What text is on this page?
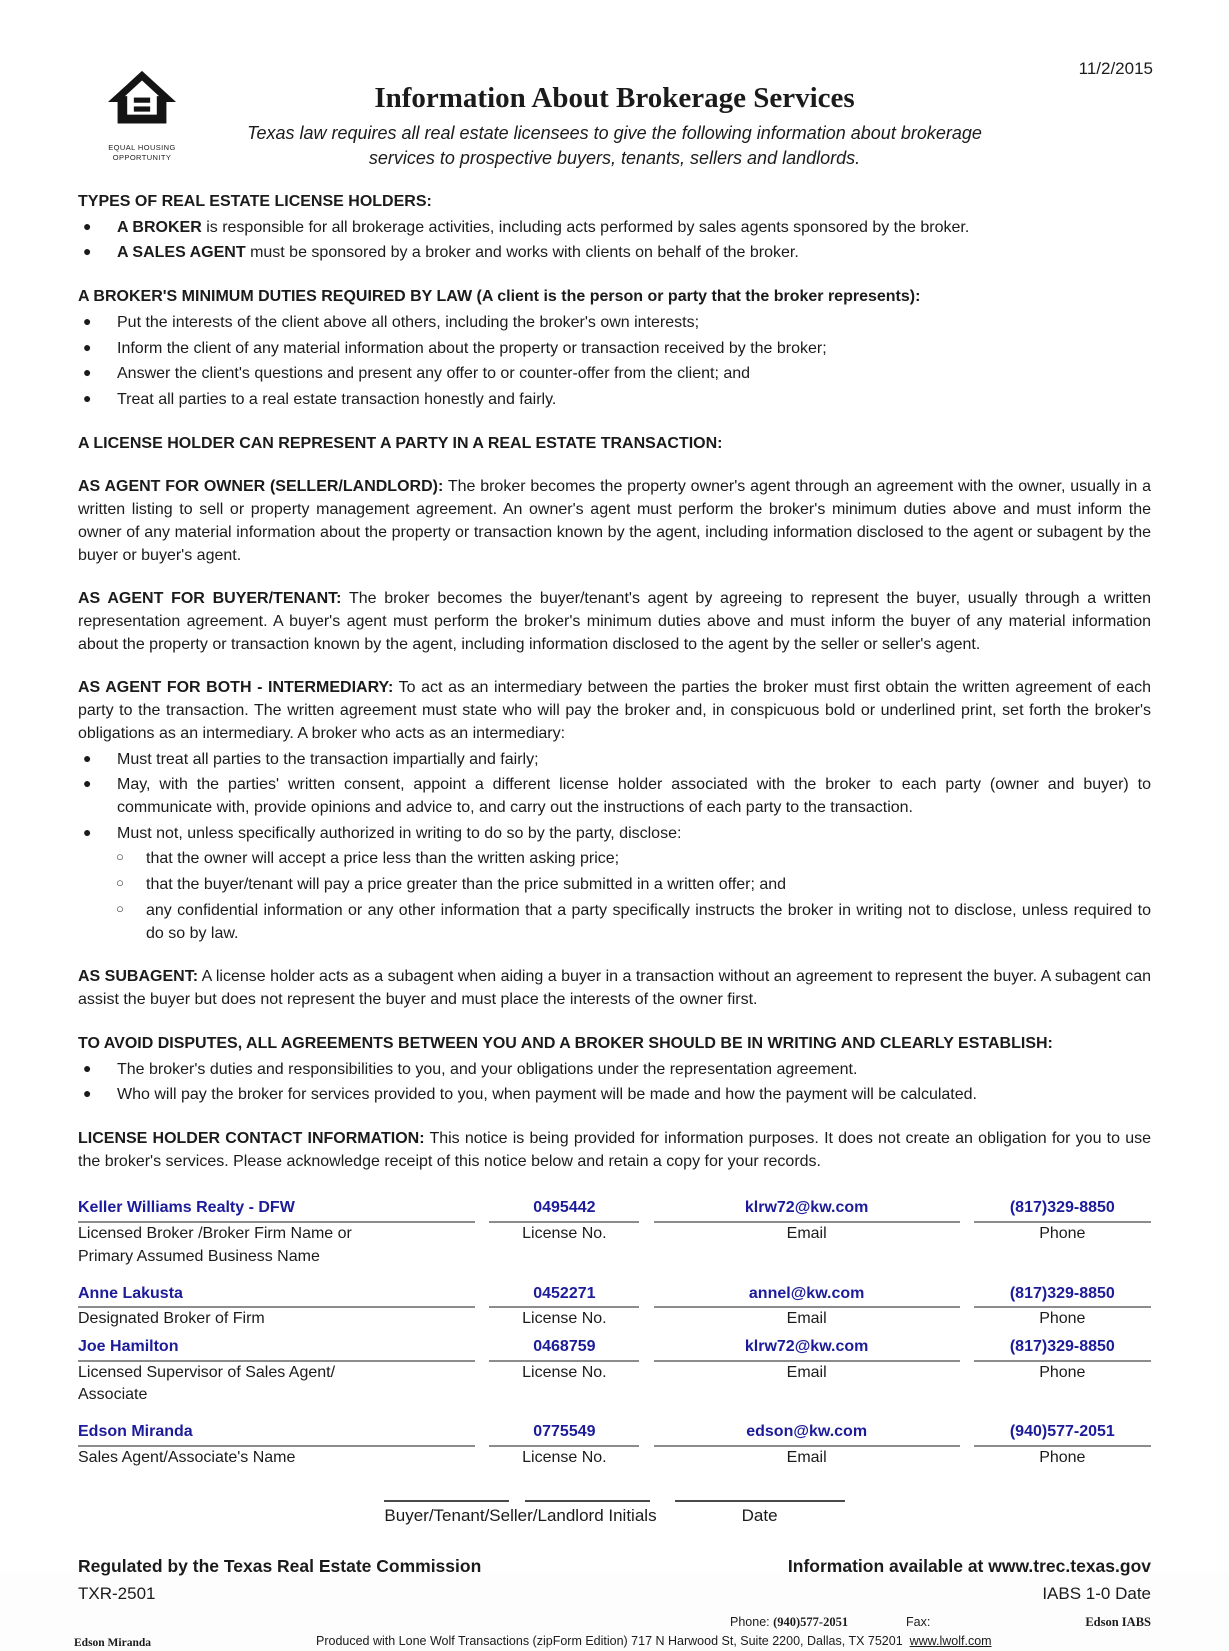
11/2/2015
EQUAL HOUSING
OPPORTUNITY
Information About Brokerage Services
Texas law requires all real estate licensees to give the following information about brokerage services to prospective buyers, tenants, sellers and landlords.
TYPES OF REAL ESTATE LICENSE HOLDERS:
●	A BROKER is responsible for all brokerage activities, including acts performed by sales agents sponsored by the broker.
●	A SALES AGENT must be sponsored by a broker and works with clients on behalf of the broker.
A BROKER'S MINIMUM DUTIES REQUIRED BY LAW (A client is the person or party that the broker represents):
●	Put the interests of the client above all others, including the broker's own interests;
●	Inform the client of any material information about the property or transaction received by the broker;
●	Answer the client's questions and present any offer to or counter-offer from the client; and
●	Treat all parties to a real estate transaction honestly and fairly.
A LICENSE HOLDER CAN REPRESENT A PARTY IN A REAL ESTATE TRANSACTION:
AS AGENT FOR OWNER (SELLER/LANDLORD): The broker becomes the property owner's agent through an agreement with the owner, usually in a written listing to sell or property management agreement. An owner's agent must perform the broker's minimum duties above and must inform the owner of any material information about the property or transaction known by the agent, including information disclosed to the agent or subagent by the buyer or buyer's agent.
AS AGENT FOR BUYER/TENANT: The broker becomes the buyer/tenant's agent by agreeing to represent the buyer, usually through a written representation agreement. A buyer's agent must perform the broker's minimum duties above and must inform the buyer of any material information about the property or transaction known by the agent, including information disclosed to the agent by the seller or seller's agent.
AS AGENT FOR BOTH - INTERMEDIARY: To act as an intermediary between the parties the broker must first obtain the written agreement of each party to the transaction. The written agreement must state who will pay the broker and, in conspicuous bold or underlined print, set forth the broker's obligations as an intermediary. A broker who acts as an intermediary:
●	Must treat all parties to the transaction impartially and fairly;
●	May, with the parties' written consent, appoint a different license holder associated with the broker to each party (owner and buyer) to communicate with, provide opinions and advice to, and carry out the instructions of each party to the transaction.
●	Must not, unless specifically authorized in writing to do so by the party, disclose:
○	that the owner will accept a price less than the written asking price;
○	that the buyer/tenant will pay a price greater than the price submitted in a written offer; and
○	any confidential information or any other information that a party specifically instructs the broker in writing not to disclose, unless required to do so by law.
AS SUBAGENT: A license holder acts as a subagent when aiding a buyer in a transaction without an agreement to represent the buyer. A subagent can assist the buyer but does not represent the buyer and must place the interests of the owner first.
TO AVOID DISPUTES, ALL AGREEMENTS BETWEEN YOU AND A BROKER SHOULD BE IN WRITING AND CLEARLY ESTABLISH:
●	The broker's duties and responsibilities to you, and your obligations under the representation agreement.
●	Who will pay the broker for services provided to you, when payment will be made and how the payment will be calculated.
LICENSE HOLDER CONTACT INFORMATION: This notice is being provided for information purposes. It does not create an obligation for you to use the broker's services. Please acknowledge receipt of this notice below and retain a copy for your records.
Keller Williams Realty - DFW	0495442	klrw72@kw.com	(817)329-8850
Licensed Broker /Broker Firm Name or Primary Assumed Business Name
License No.	Email	Phone
Anne Lakusta	0452271	annel@kw.com	(817)329-8850
Designated Broker of Firm	License No.	Email	Phone
Joe Hamilton	0468759	klrw72@kw.com	(817)329-8850
Licensed Supervisor of Sales Agent/ Associate
License No.	Email	Phone
Edson Miranda	0775549	edson@kw.com	(940)577-2051
Sales Agent/Associate's Name	License No.	Email	Phone
Buyer/Tenant/Seller/Landlord Initials	Date
Regulated by the Texas Real Estate Commission	Information available at www.trec.texas.gov
TXR-2501	IABS 1-0 Date
Phone: (940)577-2051	Fax:	Edson IABS
Edson Miranda	Produced with Lone Wolf Transactions (zipForm Edition) 717 N Harwood St, Suite 2200, Dallas, TX 75201 www.lwolf.com
